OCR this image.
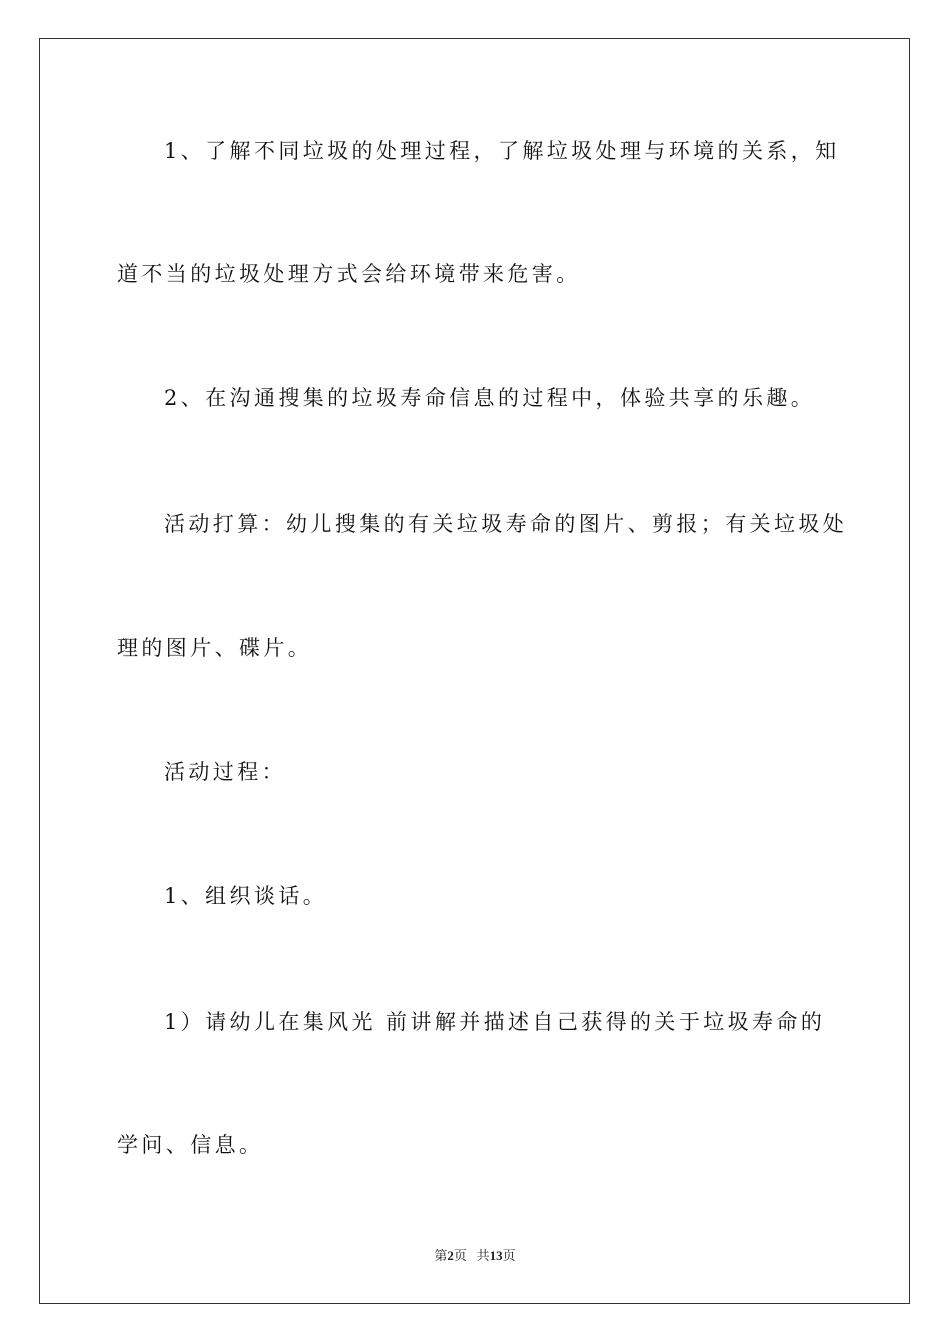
1、了解不同垃圾的处理过程，了解垃圾处理与环境的关系，知
道不当的垃圾处理方式会给环境带来危害。
2、在沟通搜集的垃圾寿命信息的过程中，体验共享的乐趣。
活动打算：幼儿搜集的有关垃圾寿命的图片、剪报；有关垃圾处
理的图片、碟片。
活动过程：
1、组织谈话。
1）请幼儿在集风光 前讲解并描述自己获得的关于垃圾寿命的
学问、信息。
第2页 共13页
